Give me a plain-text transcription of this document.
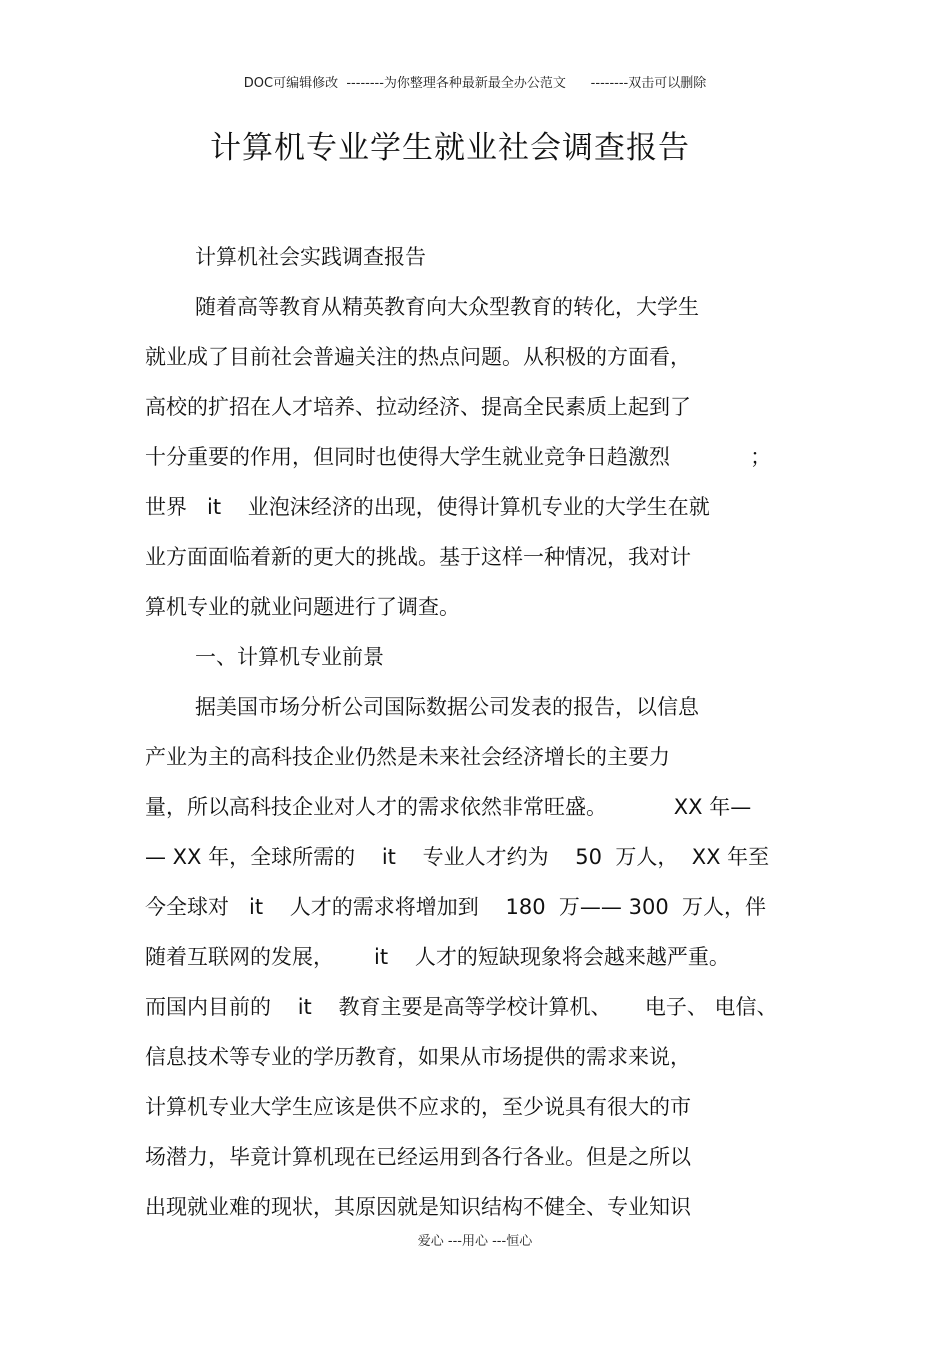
DOC可编辑修改  --------为你整理各种最新最全办公范文      --------双击可以删除
计算机专业学生就业社会调查报告
计算机社会实践调查报告
随着高等教育从精英教育向大众型教育的转化，大学生
就业成了目前社会普遍关注的热点问题。从积极的方面看，
高校的扩招在人才培养、拉动经济、提高全民素质上起到了
十分重要的作用，但同时也使得大学生就业竞争日趋激烈            ；
世界   it    业泡沫经济的出现，使得计算机专业的大学生在就
业方面面临着新的更大的挑战。基于这样一种情况，我对计
算机专业的就业问题进行了调查。
一、计算机专业前景
据美国市场分析公司国际数据公司发表的报告，以信息
产业为主的高科技企业仍然是未来社会经济增长的主要力
量，所以高科技企业对人才的需求依然非常旺盛。          XX 年—
— XX 年，全球所需的    it    专业人才约为    50  万人，  XX 年至
今全球对   it    人才的需求将增加到    180  万—— 300  万人，伴
随着互联网的发展，      it    人才的短缺现象将会越来越严重。
而国内目前的    it    教育主要是高等学校计算机、     电子、 电信、
信息技术等专业的学历教育，如果从市场提供的需求来说，
计算机专业大学生应该是供不应求的，至少说具有很大的市
场潜力，毕竟计算机现在已经运用到各行各业。但是之所以
出现就业难的现状，其原因就是知识结构不健全、专业知识
爱心 ---用心 ---恒心
